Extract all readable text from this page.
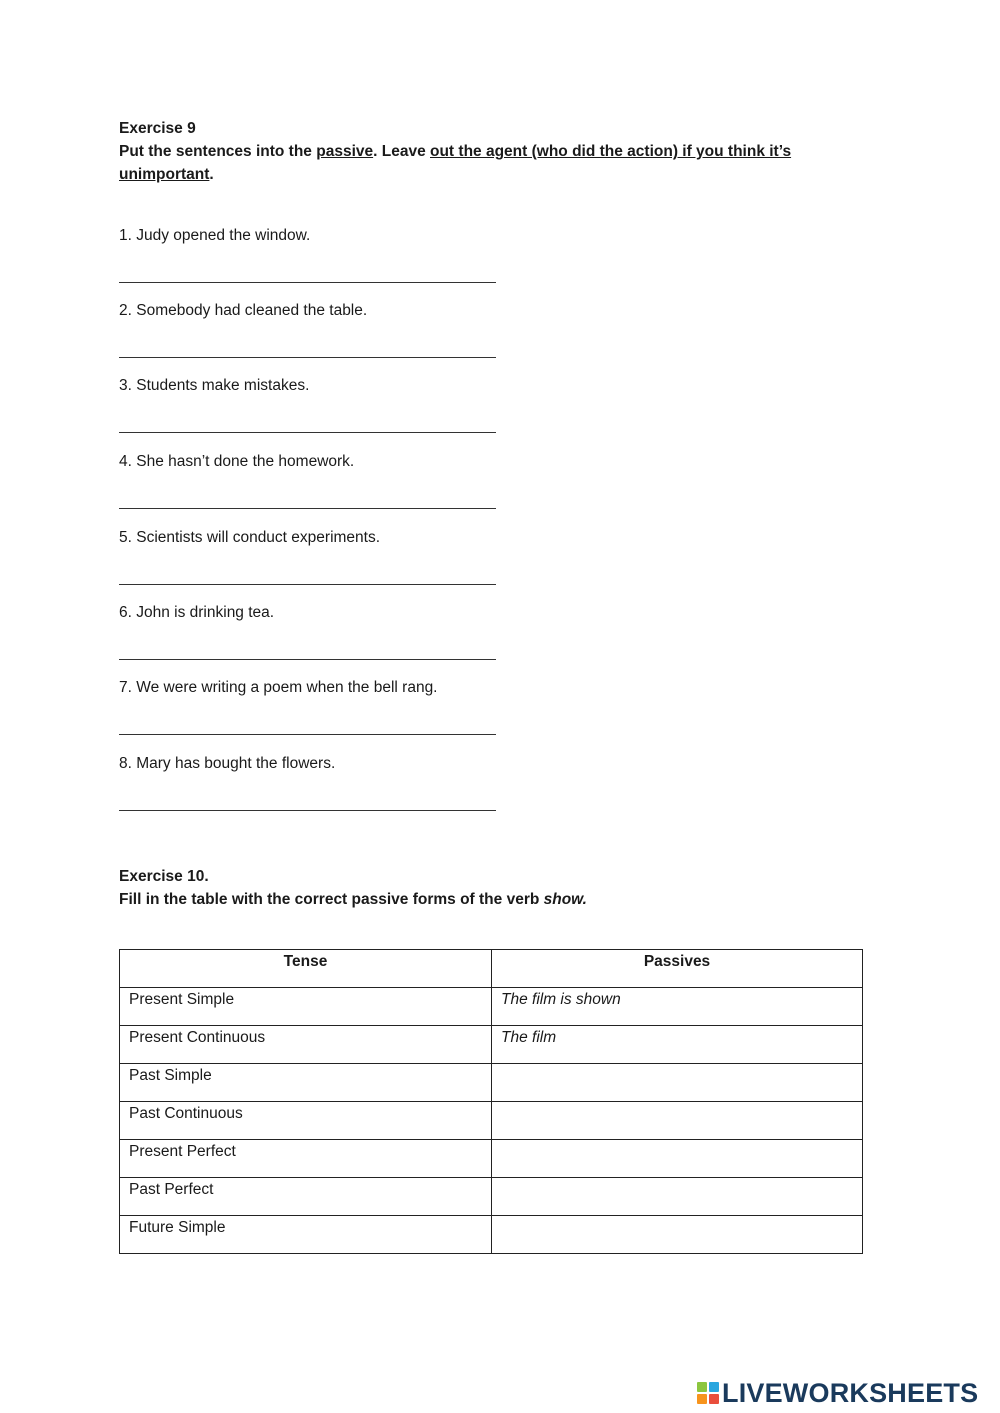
Exercise 9
Put the sentences into the passive. Leave out the agent (who did the action) if you think it’s unimportant.
1. Judy opened the window.
2. Somebody had cleaned the table.
3. Students make mistakes.
4. She hasn’t done the homework.
5. Scientists will conduct experiments.
6. John is drinking tea.
7. We were writing a poem when the bell rang.
8. Mary has bought the flowers.
Exercise 10.
Fill in the table with the correct passive forms of the verb show.
Tense	Passives
Present Simple	The film is shown
Present Continuous	The film
Past Simple	
Past Continuous	
Present Perfect	
Past Perfect	
Future Simple	
LIVEWORKSHEETS
